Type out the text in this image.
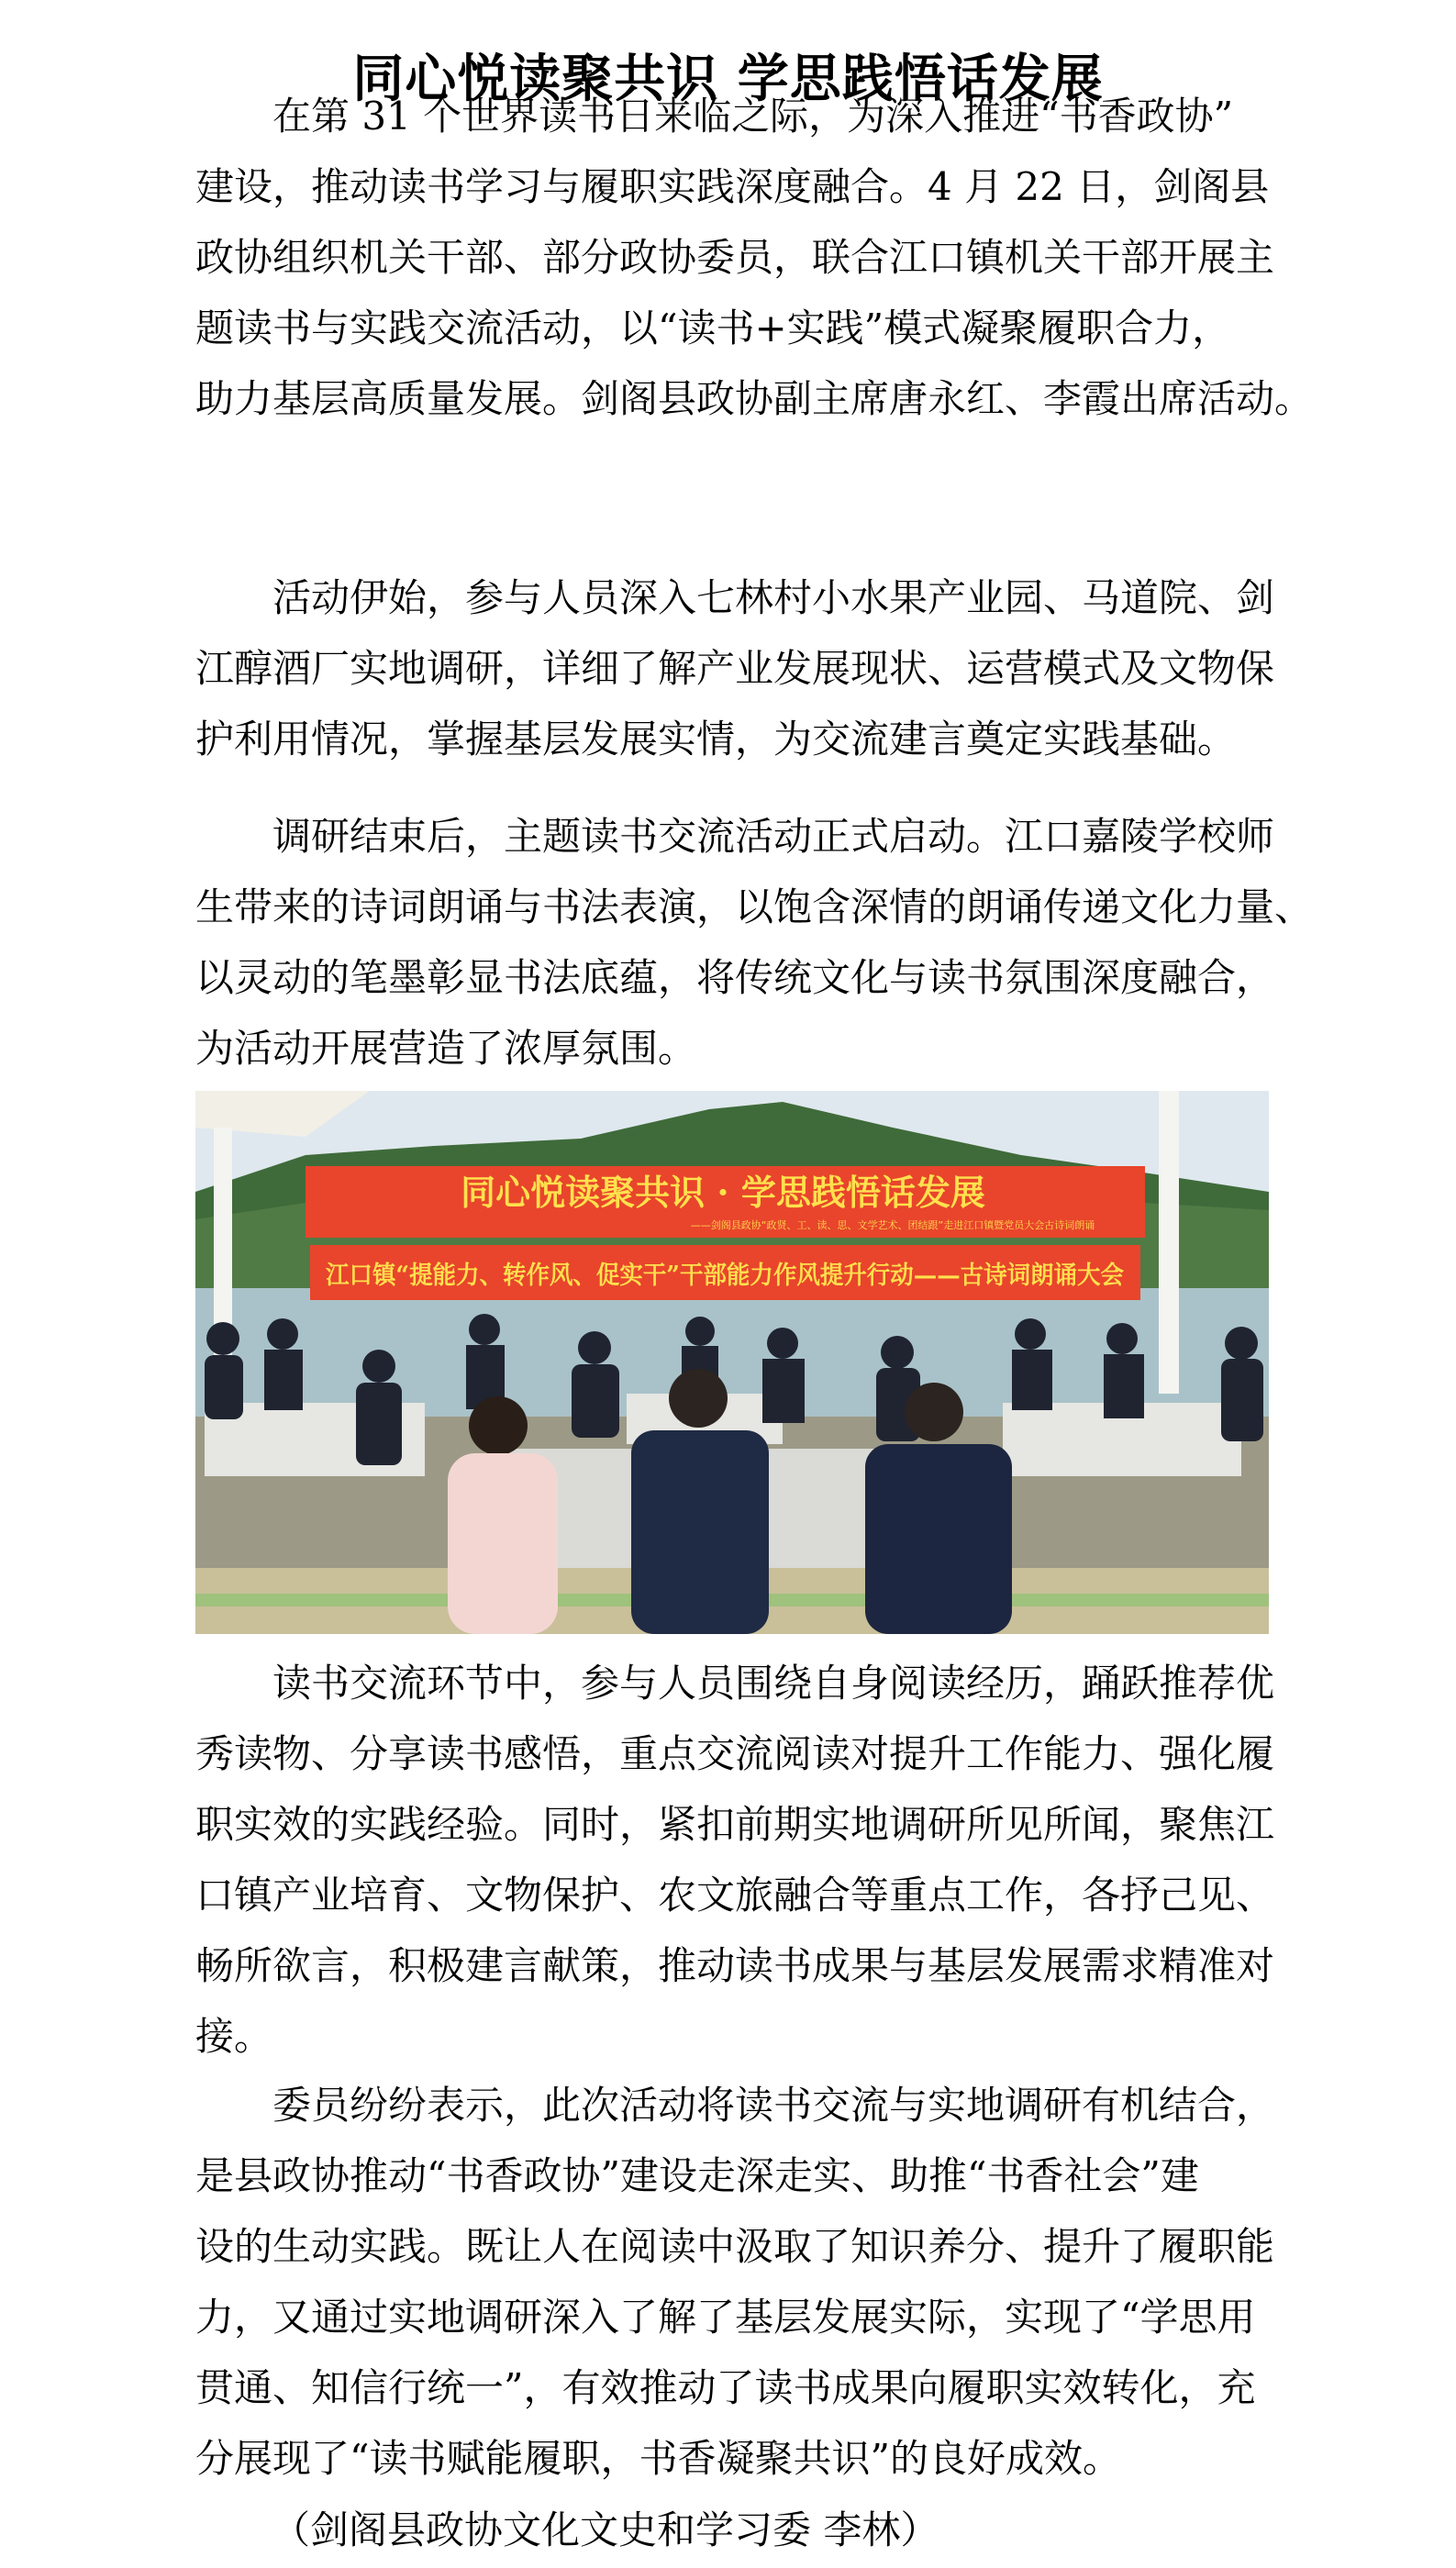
同心悦读聚共识 学思践悟话发展

在第 31 个世界读书日来临之际，为深入推进“书香政协”
建设，推动读书学习与履职实践深度融合。4 月 22 日，剑阁县
政协组织机关干部、部分政协委员，联合江口镇机关干部开展主
题读书与实践交流活动，以“读书+实践”模式凝聚履职合力，
助力基层高质量发展。剑阁县政协副主席唐永红、李霞出席活动。

活动伊始，参与人员深入七林村小水果产业园、马道院、剑
江醇酒厂实地调研，详细了解产业发展现状、运营模式及文物保
护利用情况，掌握基层发展实情，为交流建言奠定实践基础。

调研结束后，主题读书交流活动正式启动。江口嘉陵学校师
生带来的诗词朗诵与书法表演，以饱含深情的朗诵传递文化力量、
以灵动的笔墨彰显书法底蕴，将传统文化与读书氛围深度融合，
为活动开展营造了浓厚氛围。

同心悦读聚共识 · 学思践悟话发展
——剑阁县政协“政贤、工、读、思、文学艺术、团结跟”走进江口镇暨党员大会古诗词朗诵
江口镇“提能力、转作风、促实干”干部能力作风提升行动——古诗词朗诵大会

读书交流环节中，参与人员围绕自身阅读经历，踊跃推荐优
秀读物、分享读书感悟，重点交流阅读对提升工作能力、强化履
职实效的实践经验。同时，紧扣前期实地调研所见所闻，聚焦江
口镇产业培育、文物保护、农文旅融合等重点工作，各抒己见、
畅所欲言，积极建言献策，推动读书成果与基层发展需求精准对
接。

委员纷纷表示，此次活动将读书交流与实地调研有机结合，
是县政协推动“书香政协”建设走深走实、助推“书香社会”建
设的生动实践。既让人在阅读中汲取了知识养分、提升了履职能
力，又通过实地调研深入了解了基层发展实际，实现了“学思用
贯通、知信行统一”，有效推动了读书成果向履职实效转化，充
分展现了“读书赋能履职，书香凝聚共识”的良好成效。

（剑阁县政协文化文史和学习委 李林）
